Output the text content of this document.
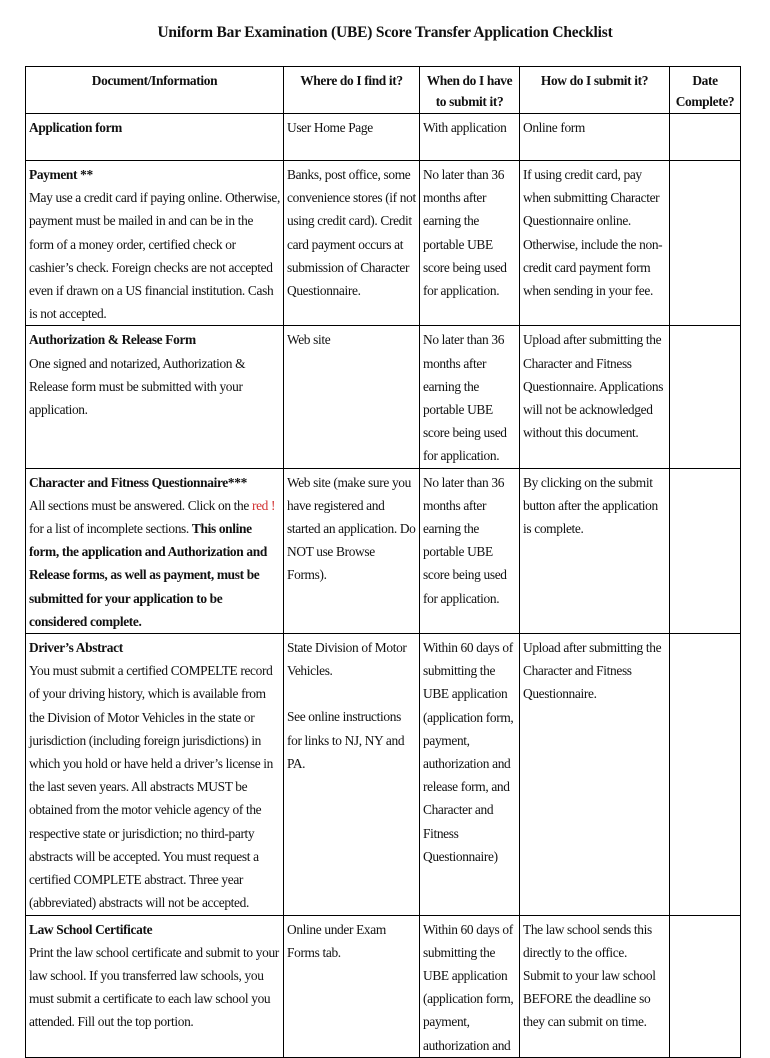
Uniform Bar Examination (UBE) Score Transfer Application Checklist
Document/Information	Where do I find it?	When do I have to submit it?	How do I submit it?	Date Complete?

Application form	User Home Page	With application	Online form	

Payment **
May use a credit card if paying online. Otherwise, payment must be mailed in and can be in the form of a money order, certified check or cashier’s check. Foreign checks are not accepted even if drawn on a US financial institution. Cash is not accepted.	Banks, post office, some convenience stores (if not using credit card). Credit card payment occurs at submission of Character Questionnaire.	No later than 36 months after earning the portable UBE score being used for application.	If using credit card, pay when submitting Character Questionnaire online. Otherwise, include the non-credit card payment form when sending in your fee.	

Authorization & Release Form
One signed and notarized, Authorization & Release form must be submitted with your application.	Web site	No later than 36 months after earning the portable UBE score being used for application.	Upload after submitting the Character and Fitness Questionnaire. Applications will not be acknowledged without this document.	

Character and Fitness Questionnaire***
All sections must be answered. Click on the red ! for a list of incomplete sections. This online form, the application and Authorization and Release forms, as well as payment, must be submitted for your application to be considered complete.	Web site (make sure you have registered and started an application. Do NOT use Browse Forms).	No later than 36 months after earning the portable UBE score being used for application.	By clicking on the submit button after the application is complete.	

Driver’s Abstract
You must submit a certified COMPELTE record of your driving history, which is available from the Division of Motor Vehicles in the state or jurisdiction (including foreign jurisdictions) in which you hold or have held a driver’s license in the last seven years. All abstracts MUST be obtained from the motor vehicle agency of the respective state or jurisdiction; no third-party abstracts will be accepted. You must request a certified COMPLETE abstract. Three year (abbreviated) abstracts will not be accepted.	State Division of Motor Vehicles.
See online instructions for links to NJ, NY and PA.	Within 60 days of submitting the UBE application (application form, payment, authorization and release form, and Character and Fitness Questionnaire)	Upload after submitting the Character and Fitness Questionnaire.	

Law School Certificate
Print the law school certificate and submit to your law school. If you transferred law schools, you must submit a certificate to each law school you attended. Fill out the top portion.	Online under Exam Forms tab.	Within 60 days of submitting the UBE application (application form, payment, authorization and	The law school sends this directly to the office. Submit to your law school BEFORE the deadline so they can submit on time.	
